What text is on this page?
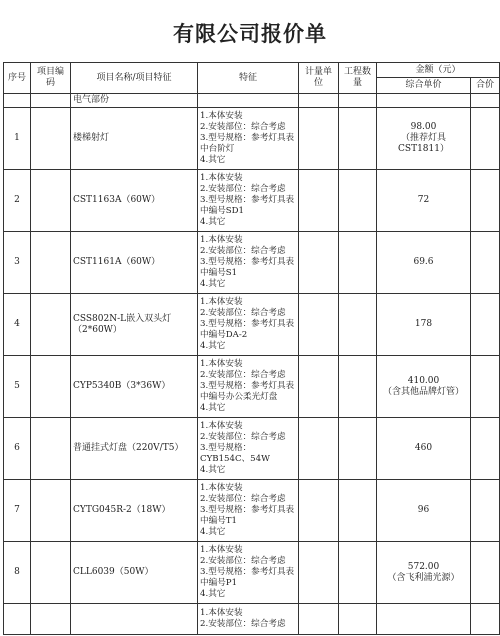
有限公司报价单
序号	项目编码	项目名称/项目特征	特征	计量单位	工程数量	金额（元）	
						综合单价	合价
		电气部份					
1		楼梯射灯	1.本体安装
2.安装部位：综合考虑
3.型号规格：参考灯具表中台阶灯
4.其它			98.00
（推荐灯具CST1811）	
2		CST1163A（60W）	1.本体安装
2.安装部位：综合考虑
3.型号规格：参考灯具表中编号SD1
4.其它			72	
3		CST1161A（60W）	1.本体安装
2.安装部位：综合考虑
3.型号规格：参考灯具表中编号S1
4.其它			69.6	
4		CSS802N-L嵌入双头灯（2*60W）	1.本体安装
2.安装部位：综合考虑
3.型号规格：参考灯具表中编号DA-2
4.其它			178	
5		CYP5340B（3*36W）	1.本体安装
2.安装部位：综合考虑
3.型号规格：参考灯具表中编号办公柔光灯盘
4.其它			410.00
（含其他品牌灯管）	
6		普通挂式灯盘（220V/T5）	1.本体安装
2.安装部位：综合考虑
3.型号规格：CYB154C、54W
4.其它			460	
7		CYTG045R-2（18W）	1.本体安装
2.安装部位：综合考虑
3.型号规格：参考灯具表中编号T1
4.其它			96	
8		CLL6039（50W）	1.本体安装
2.安装部位：综合考虑
3.型号规格：参考灯具表中编号P1
4.其它			572.00
（含飞利浦光源）	
			1.本体安装
2.安装部位：综合考虑				
